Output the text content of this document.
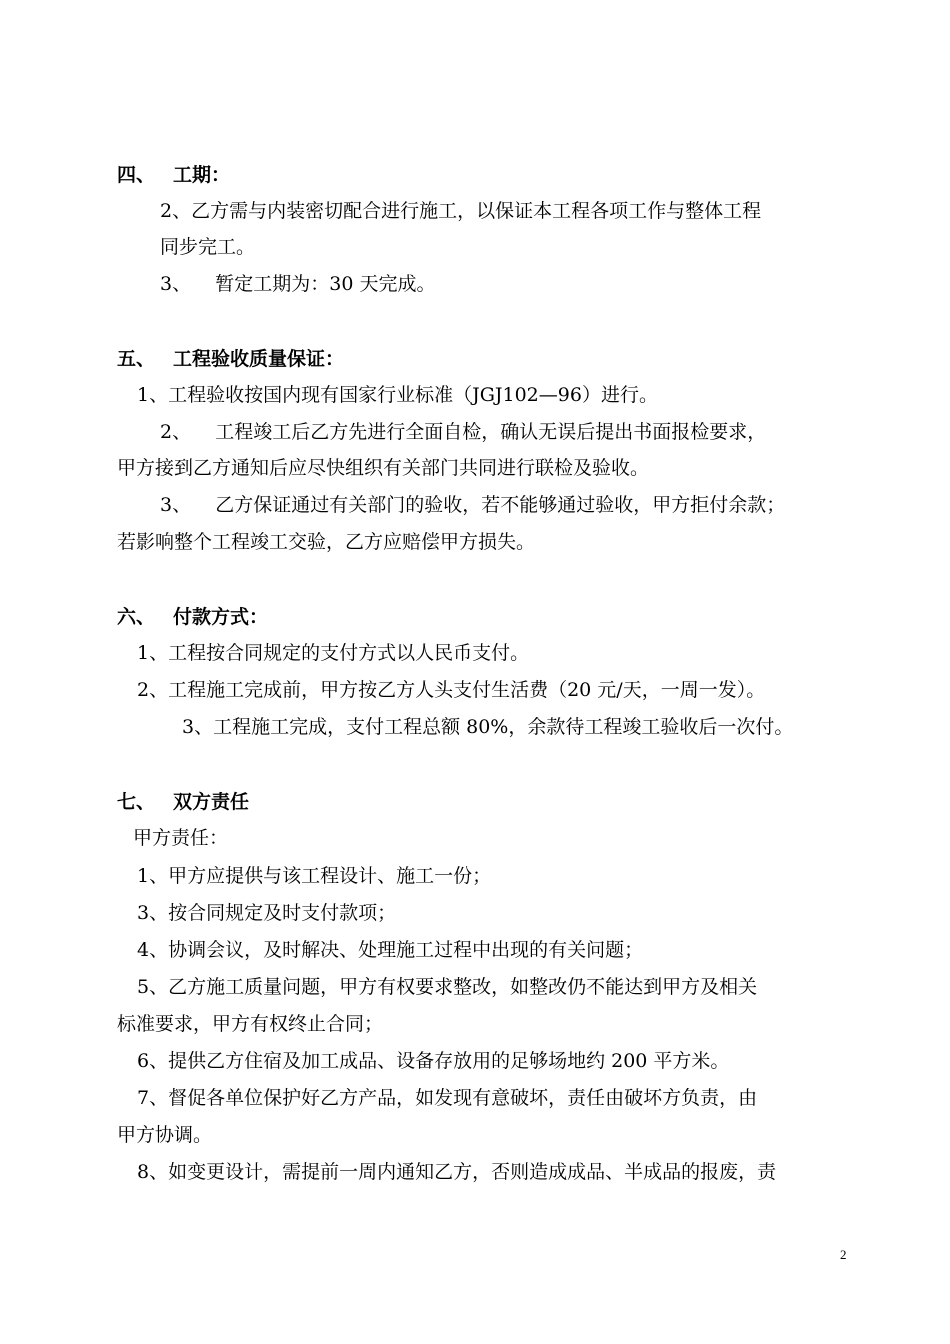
四、 工期：
2、乙方需与内装密切配合进行施工，以保证本工程各项工作与整体工程
同步完工。
3、    暂定工期为：30 天完成。
五、 工程验收质量保证：
1、工程验收按国内现有国家行业标准（JGJ102—96）进行。
2、    工程竣工后乙方先进行全面自检，确认无误后提出书面报检要求，
甲方接到乙方通知后应尽快组织有关部门共同进行联检及验收。
3、    乙方保证通过有关部门的验收，若不能够通过验收，甲方拒付余款；
若影响整个工程竣工交验，乙方应赔偿甲方损失。
六、 付款方式：
1、工程按合同规定的支付方式以人民币支付。
2、工程施工完成前，甲方按乙方人头支付生活费（20 元/天，一周一发）。
3、工程施工完成，支付工程总额 80%，余款待工程竣工验收后一次付。
七、 双方责任
甲方责任：
1、甲方应提供与该工程设计、施工一份；
3、按合同规定及时支付款项；
4、协调会议，及时解决、处理施工过程中出现的有关问题；
5、乙方施工质量问题，甲方有权要求整改，如整改仍不能达到甲方及相关
标准要求，甲方有权终止合同；
6、提供乙方住宿及加工成品、设备存放用的足够场地约 200 平方米。
7、督促各单位保护好乙方产品，如发现有意破坏，责任由破坏方负责，由
甲方协调。
8、如变更设计，需提前一周内通知乙方，否则造成成品、半成品的报废，责
2
